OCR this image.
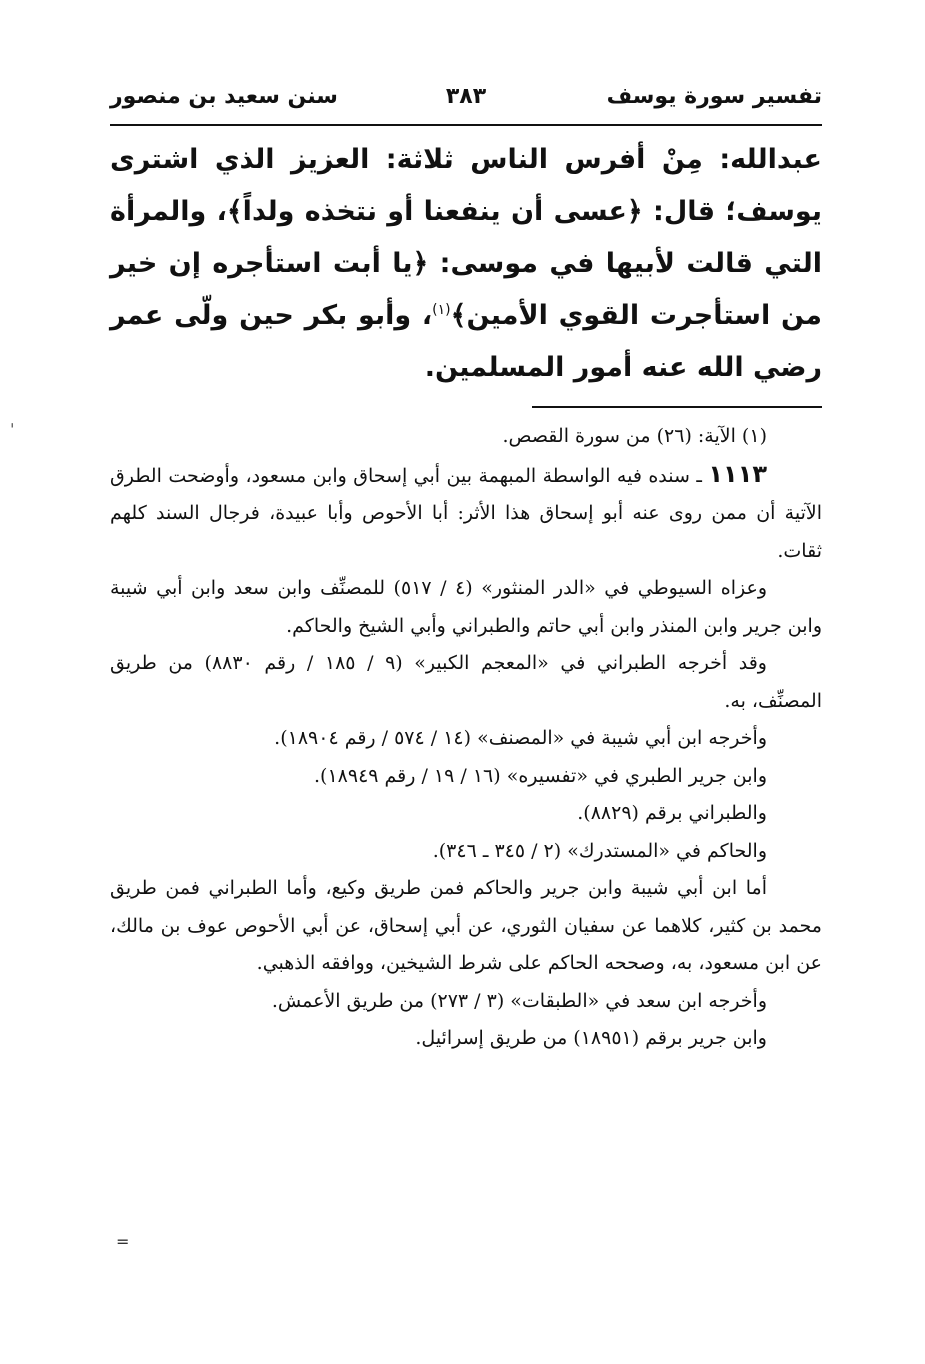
تفسير سورة يوسف
٣٨٣
سنن سعيد بن منصور

عبدالله: مِنْ أفرس الناس ثلاثة: العزيز الذي اشترى يوسف؛ قال: ﴿عسى أن ينفعنا أو نتخذه ولداً﴾، والمرأة التي قالت لأبيها في موسى: ﴿يا أبت استأجره إن خير من استأجرت القوي الأمين﴾$^{(١)}$، وأبو بكر حين ولّى عمر رضي الله عنه أمور المسلمين.

(١) الآية: (٢٦) من سورة القصص.

١١١٣ ـ سنده فيه الواسطة المبهمة بين أبي إسحاق وابن مسعود، وأوضحت الطرق الآتية أن ممن روى عنه أبو إسحاق هذا الأثر: أبا الأحوص وأبا عبيدة، فرجال السند كلهم ثقات.

وعزاه السيوطي في «الدر المنثور» (٤ / ٥١٧) للمصنِّف وابن سعد وابن أبي شيبة وابن جرير وابن المنذر وابن أبي حاتم والطبراني وأبي الشيخ والحاكم.

وقد أخرجه الطبراني في «المعجم الكبير» (٩ / ١٨٥ / رقم ٨٨٣٠) من طريق المصنِّف، به.

وأخرجه ابن أبي شيبة في «المصنف» (١٤ / ٥٧٤ / رقم ١٨٩٠٤).

وابن جرير الطبري في «تفسيره» (١٦ / ١٩ / رقم ١٨٩٤٩).

والطبراني برقم (٨٨٢٩).

والحاكم في «المستدرك» (٢ / ٣٤٥ ـ ٣٤٦).

أما ابن أبي شيبة وابن جرير والحاكم فمن طريق وكيع، وأما الطبراني فمن طريق محمد بن كثير، كلاهما عن سفيان الثوري، عن أبي إسحاق، عن أبي الأحوص عوف بن مالك، عن ابن مسعود، به، وصححه الحاكم على شرط الشيخين، ووافقه الذهبي.

وأخرجه ابن سعد في «الطبقات» (٣ / ٢٧٣) من طريق الأعمش.

وابن جرير برقم (١٨٩٥١) من طريق إسرائيل.

ˌ
=
